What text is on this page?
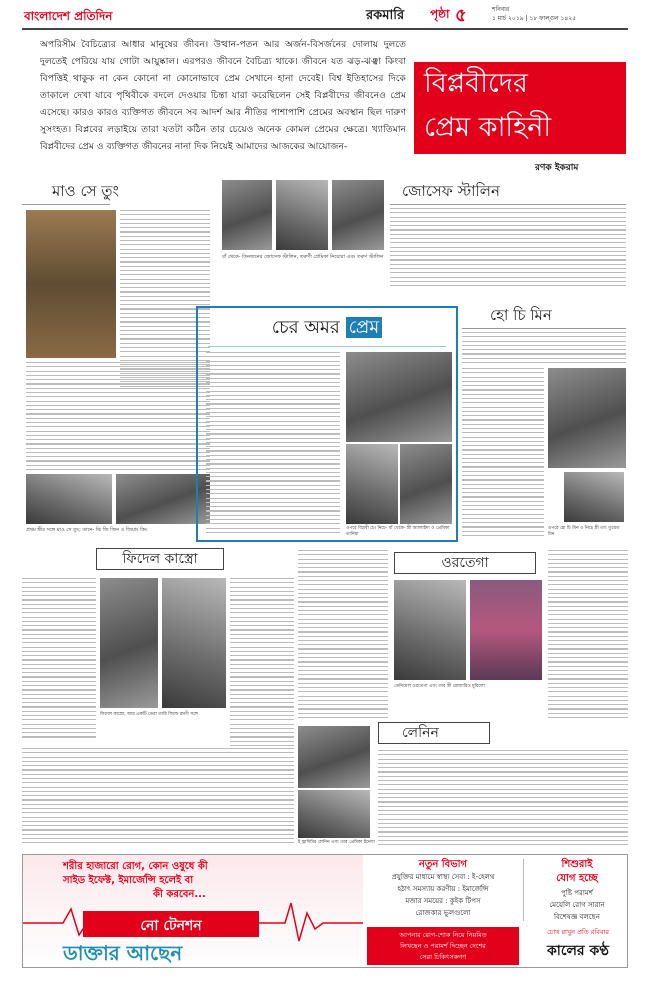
বাংলাদেশ প্রতিদিন	রকমারি পৃষ্ঠা ৫	শনিবার
১ মার্চ ২০১৯ | ১৮ ফাল্গুন ১৪২৫
অপরিসীম বৈচিত্র্যের আধার মানুষের জীবন। উত্থান-পতন আর অর্জন-বিসর্জনের দোলায় দুলতে দুলতেই পেরিয়ে যায় গোটা আয়ুষ্কাল। এরপরও জীবনে বৈচিত্র্য থাকে। জীবনে যত ঝড়-ঝঞ্ঝা কিংবা বিপত্তিই থাকুক না কেন কোনো না কোনোভাবে প্রেম সেখানে হানা দেবেই। বিশ্ব ইতিহাসের দিকে তাকালে দেখা যাবে পৃথিবীকে বদলে দেওয়ার চিন্তা যারা করেছিলেন সেই বিপ্লবীদের জীবনেও প্রেম এসেছে। কারও কারও ব্যক্তিগত জীবনে সব আদর্শ আর নীতির পাশাপাশি প্রেমের অবস্থান ছিল দারুণ সুসংহত। বিপ্লবের লড়াইয়ে তারা যতটা কঠিন তার চেয়েও অনেক কোমল প্রেমের ক্ষেত্রে। খ্যাতিমান বিপ্লবীদের প্রেম ও ব্যক্তিগত জীবনের নানা দিক নিয়েই আমাদের আজকের আয়োজন-
বিপ্লবীদের
প্রেম কাহিনী
রণক ইকরাম
মাও সে তুং
প্রথম স্ত্রীর সঙ্গে মাও সে তুং; ডানে- ঝি জি জিন ও জিয়াং কিং
বাঁ থেকে- তিনজনের জোসেফ স্টালিন, তরুণী প্রেমিকা নিয়োরা এবং তরুণ স্টালিন
জোসেফ স্টালিন
চের অমর প্রেম
ওপরে বিপ্লবী চে। নিচে- বাঁ থেকে- স্ত্রী অ্যালাইদা ও প্রেমিকা তানিয়া
হো চি মিন
ওপরে হো চি মিন ও নিচে স্ত্রী তাং তুয়েত মিন
ফিদেল কাস্ত্রো
ফিদেল কাস্ত্রো, আর একটি ডেরা তারি ফিল্ডে রমণী সঙ্গে
ওরতেগা
ডেনিয়েল ওরতেগা এবং তার স্ত্রী রোজারিও মুরিলো
লেনিন
ই ভ্লাদিমির লেনিন এবং তার প্রেমিকা ইনেসা
শরীর হাজারো রোগ, কোন ওষুধে কী
সাইড ইফেক্ট, ইমার্জেন্সি হলেই বা
কী করবেন...
নো টেনশন
ডাক্তার আছেন
নতুন বিভাগ
প্রযুক্তির মাধ্যমে স্বাস্থ্য সেবা : ই-হেলথ
হঠাৎ সমস্যায় করণীয় : ইমার্জেন্সি
মজার সময়ের : কুইক টিপস
রোজকার ভুলগুলো
শিশুরাই
যোগ হচ্ছে
পুষ্টি পরামর্শ
মেয়েলি রোগ সারান
বিশেষজ্ঞ বলছেন
আপনার রোগ-শোক নিয়ে নিয়মিত
লিখছেন ও পরামর্শ দিচ্ছেন দেশের
সেরা চিকিৎসকগণ
চোখ রাখুন প্রতি রবিবার
কালের কণ্ঠ
